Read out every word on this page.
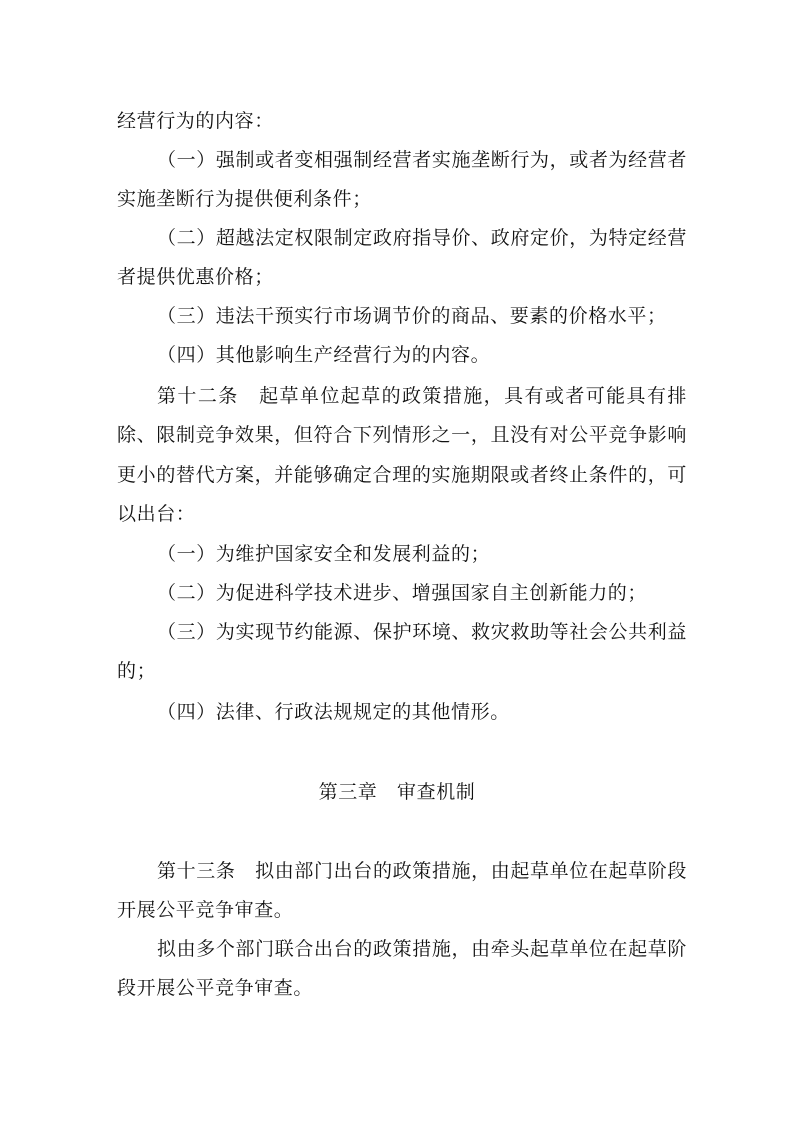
经营行为的内容：
（一）强制或者变相强制经营者实施垄断行为，或者为经营者
实施垄断行为提供便利条件；
（二）超越法定权限制定政府指导价、政府定价，为特定经营
者提供优惠价格；
（三）违法干预实行市场调节价的商品、要素的价格水平；
（四）其他影响生产经营行为的内容。
第十二条　起草单位起草的政策措施，具有或者可能具有排
除、限制竞争效果，但符合下列情形之一，且没有对公平竞争影响
更小的替代方案，并能够确定合理的实施期限或者终止条件的，可
以出台：
（一）为维护国家安全和发展利益的；
（二）为促进科学技术进步、增强国家自主创新能力的；
（三）为实现节约能源、保护环境、救灾救助等社会公共利益
的；
（四）法律、行政法规规定的其他情形。
第三章　审查机制
第十三条　拟由部门出台的政策措施，由起草单位在起草阶段
开展公平竞争审查。
拟由多个部门联合出台的政策措施，由牵头起草单位在起草阶
段开展公平竞争审查。
